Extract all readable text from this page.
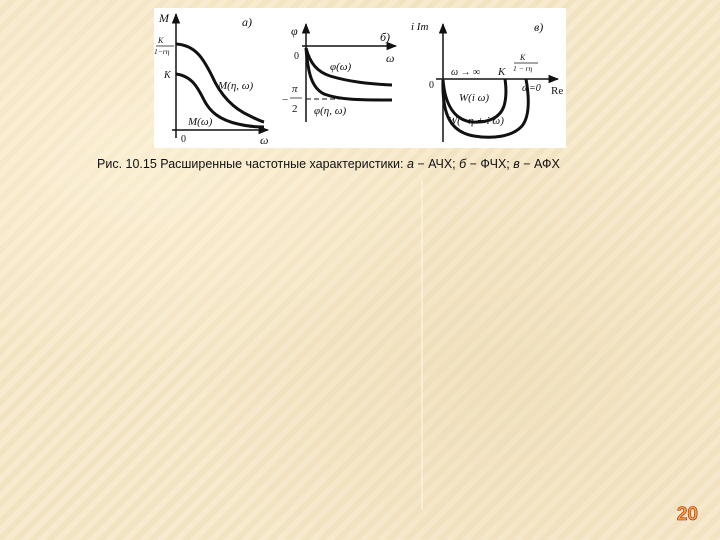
а)
M
K
1−rη
K
M(η, ω)
M(ω)
0	ω
φ	б)
0	ω
φ(ω)
π
−
2 φ(η, ω)
i Im	в)
K
1 − rη
0
ω → ∞ K
ω=0 Re
W(i ω)
W(−η + i ω)
Рис. 10.15 Расширенные частотные характеристики: а − АЧХ; б − ФЧХ; в − АФХ
20
